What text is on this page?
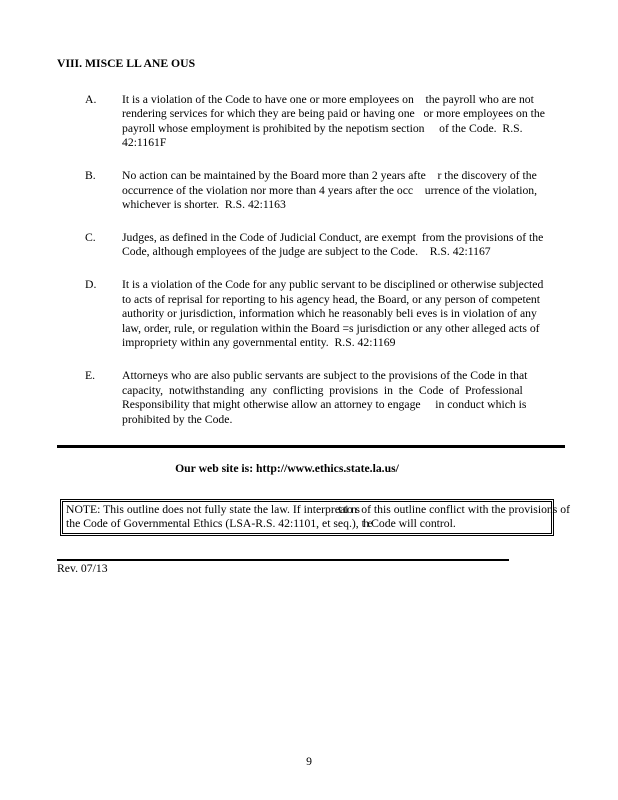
VIII. MISCE LL ANE OUS
A.	It is a violation of the Code to have one or more employees on    the payroll who are not
rendering services for which they are being paid or having one   or more employees on the
payroll whose employment is prohibited by the nepotism section     of the Code.  R.S.
42:1161F
B.	No action can be maintained by the Board more than 2 years afte    r the discovery of the
occurrence of the violation nor more than 4 years after the occ    urrence of the violation,
whichever is shorter.  R.S. 42:1163
C.	Judges, as defined in the Code of Judicial Conduct, are exempt  from the provisions of the
Code, although employees of the judge are subject to the Code.    R.S. 42:1167
D.	It is a violation of the Code for any public servant to be disciplined or otherwise subjected
to acts of reprisal for reporting to his agency head, the Board, or any person of competent
authority or jurisdiction, information which he reasonably beli eves is in violation of any
law, order, rule, or regulation within the Board =s jurisdiction or any other alleged acts of
impropriety within any governmental entity.  R.S. 42:1169
E.	Attorneys who are also public servants are subject to the provisions of the Code in that
capacity,  notwithstanding  any  conflicting  provisions  in  the  Code  of  Professional
Responsibility that might otherwise allow an attorney to engage     in conduct which is
prohibited by the Code.
Our web site is: http://www.ethics.state.la.us/
NOTE: This outline does not fully state the law. If interpretations of this outline conflict with the provisions of
the Code of Governmental Ethics (LSA-R.S. 42:1101, et seq.), theCode will control.
Rev. 07/13
9
